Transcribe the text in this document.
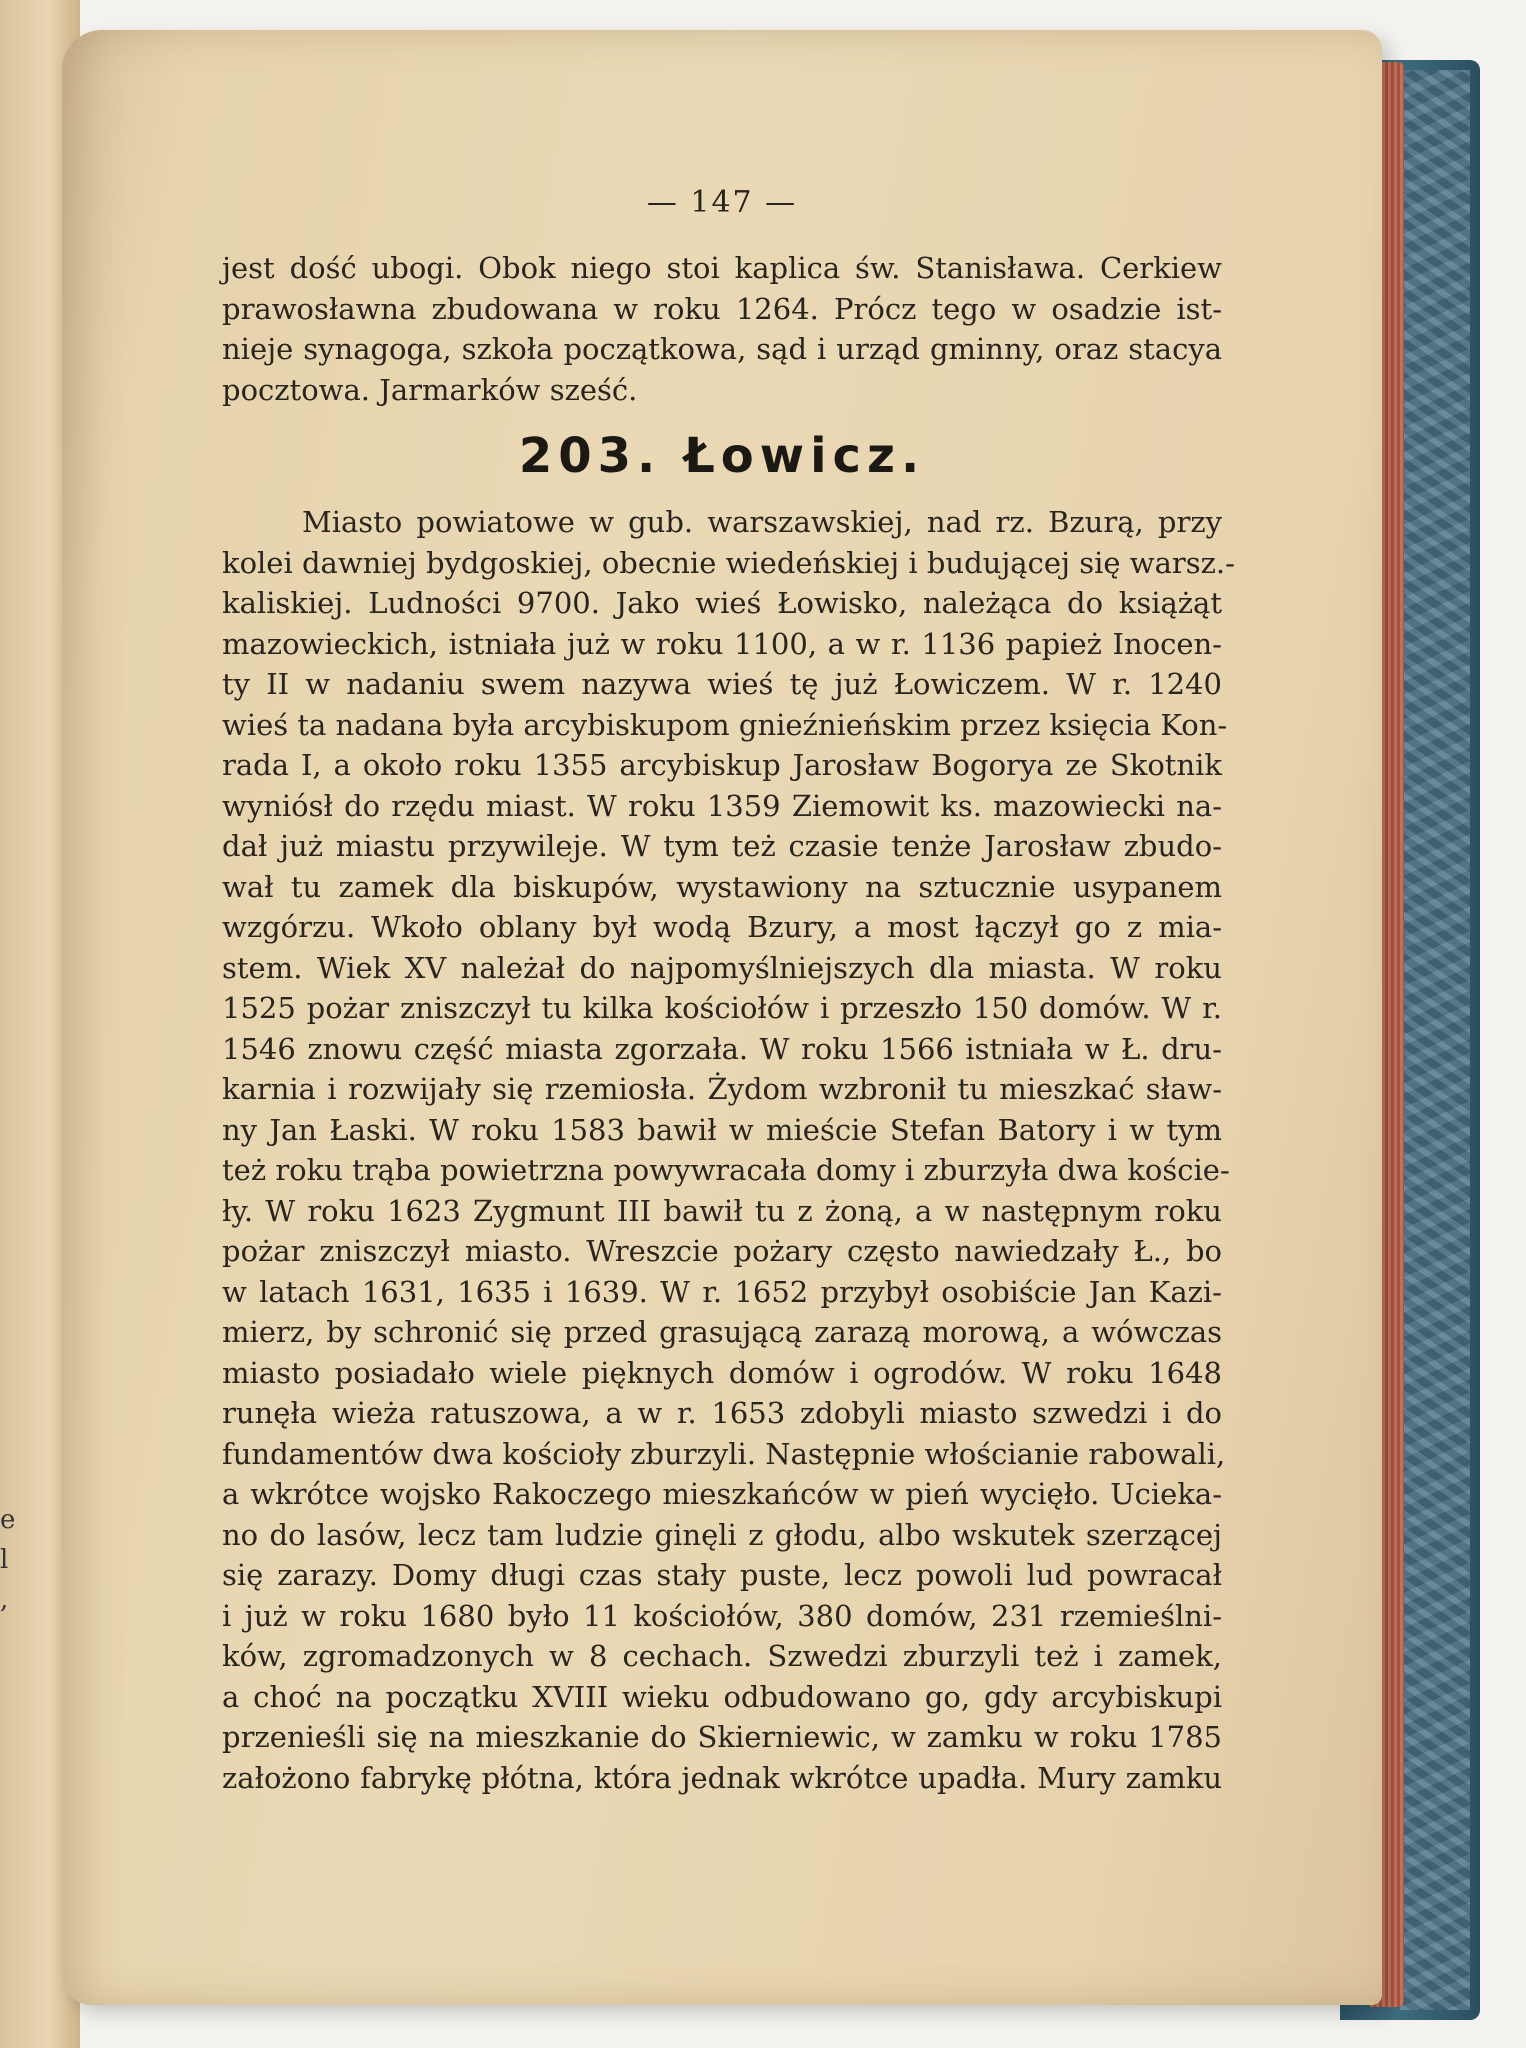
e
l
,
— 147 —
jest dość ubogi. Obok niego stoi kaplica św. Stanisława. Cerkiew
prawosławna zbudowana w roku 1264. Prócz tego w osadzie ist-
nieje synagoga, szkoła początkowa, sąd i urząd gminny, oraz stacya
pocztowa. Jarmarków sześć.
203. Łowicz.
Miasto powiatowe w gub. warszawskiej, nad rz. Bzurą, przy
kolei dawniej bydgoskiej, obecnie wiedeńskiej i budującej się warsz.-
kaliskiej. Ludności 9700. Jako wieś Łowisko, należąca do książąt
mazowieckich, istniała już w roku 1100, a w r. 1136 papież Inocen-
ty II w nadaniu swem nazywa wieś tę już Łowiczem. W r. 1240
wieś ta nadana była arcybiskupom gnieźnieńskim przez księcia Kon-
rada I, a około roku 1355 arcybiskup Jarosław Bogorya ze Skotnik
wyniósł do rzędu miast. W roku 1359 Ziemowit ks. mazowiecki na-
dał już miastu przywileje. W tym też czasie tenże Jarosław zbudo-
wał tu zamek dla biskupów, wystawiony na sztucznie usypanem
wzgórzu. Wkoło oblany był wodą Bzury, a most łączył go z mia-
stem. Wiek XV należał do najpomyślniejszych dla miasta. W roku
1525 pożar zniszczył tu kilka kościołów i przeszło 150 domów. W r.
1546 znowu część miasta zgorzała. W roku 1566 istniała w Ł. dru-
karnia i rozwijały się rzemiosła. Żydom wzbronił tu mieszkać sław-
ny Jan Łaski. W roku 1583 bawił w mieście Stefan Batory i w tym
też roku trąba powietrzna powywracała domy i zburzyła dwa koście-
ły. W roku 1623 Zygmunt III bawił tu z żoną, a w następnym roku
pożar zniszczył miasto. Wreszcie pożary często nawiedzały Ł., bo
w latach 1631, 1635 i 1639. W r. 1652 przybył osobiście Jan Kazi-
mierz, by schronić się przed grasującą zarazą morową, a wówczas
miasto posiadało wiele pięknych domów i ogrodów. W roku 1648
runęła wieża ratuszowa, a w r. 1653 zdobyli miasto szwedzi i do
fundamentów dwa kościoły zburzyli. Następnie włościanie rabowali,
a wkrótce wojsko Rakoczego mieszkańców w pień wycięło. Ucieka-
no do lasów, lecz tam ludzie ginęli z głodu, albo wskutek szerzącej
się zarazy. Domy długi czas stały puste, lecz powoli lud powracał
i już w roku 1680 było 11 kościołów, 380 domów, 231 rzemieślni-
ków, zgromadzonych w 8 cechach. Szwedzi zburzyli też i zamek,
a choć na początku XVIII wieku odbudowano go, gdy arcybiskupi
przenieśli się na mieszkanie do Skierniewic, w zamku w roku 1785
założono fabrykę płótna, która jednak wkrótce upadła. Mury zamku
